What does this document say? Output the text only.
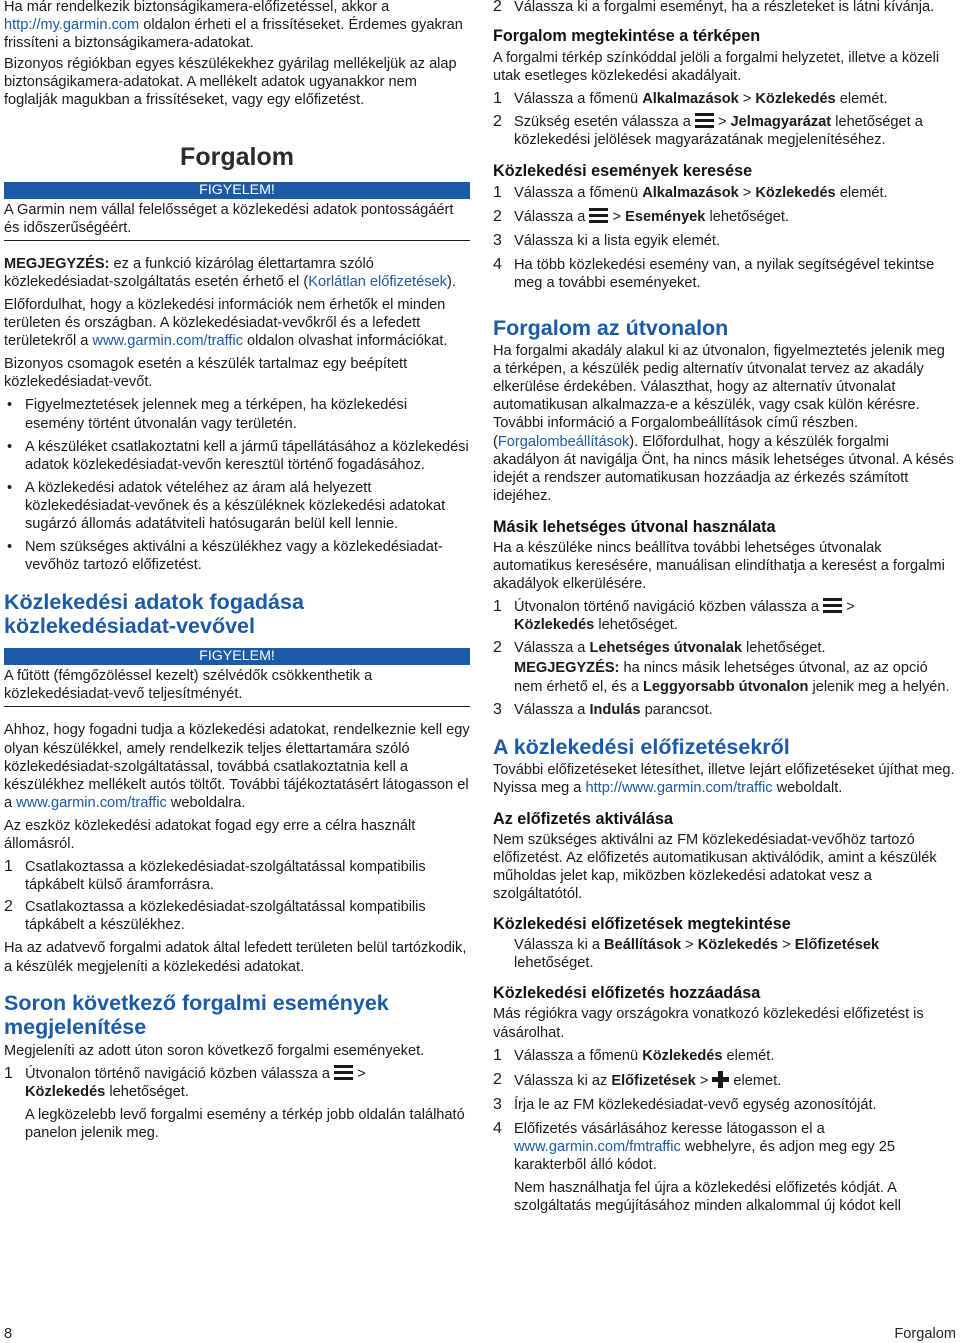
Ha már rendelkezik biztonságikamera-előfizetéssel, akkor a
http://my.garmin.com oldalon érheti el a frissítéseket. Érdemes gyakran frissíteni a biztonságikamera-adatokat.

Bizonyos régiókban egyes készülékekhez gyárilag mellékeljük az alap biztonságikamera-adatokat. A mellékelt adatok ugyanakkor nem foglalják magukban a frissítéseket, vagy egy előfizetést.

Forgalom
FIGYELEM!

A Garmin nem vállal felelősséget a közlekedési adatok pontosságáért és időszerűségéért.

MEGJEGYZÉS: ez a funkció kizárólag élettartamra szóló közlekedésiadat-szolgáltatás esetén érhető el (Korlátlan előfizetések).

Előfordulhat, hogy a közlekedési információk nem érhetők el minden területen és országban. A közlekedésiadat-vevőkről és a lefedett területekről a www.garmin.com/traffic oldalon olvashat információkat.

Bizonyos csomagok esetén a készülék tartalmaz egy beépített közlekedésiadat-vevőt.

• Figyelmeztetések jelennek meg a térképen, ha közlekedési esemény történt útvonalán vagy területén.
• A készüléket csatlakoztatni kell a jármű tápellátásához a közlekedési adatok közlekedésiadat-vevőn keresztül történő fogadásához.
• A közlekedési adatok vételéhez az áram alá helyezett közlekedésiadat-vevőnek és a készüléknek közlekedési adatokat sugárzó állomás adatátviteli hatósugarán belül kell lennie.
• Nem szükséges aktiválni a készülékhez vagy a közlekedésiadat-vevőhöz tartozó előfizetést.
Közlekedési adatok fogadása közlekedésiadat-vevővel
FIGYELEM!

A fűtött (fémgőzöléssel kezelt) szélvédők csökkenthetik a közlekedésiadat-vevő teljesítményét.

Ahhoz, hogy fogadni tudja a közlekedési adatokat, rendelkeznie kell egy olyan készülékkel, amely rendelkezik teljes élettartamára szóló közlekedésiadat-szolgáltatással, továbbá csatlakoztatnia kell a készülékhez mellékelt autós töltőt. További tájékoztatásért látogasson el a www.garmin.com/traffic weboldalra.

Az eszköz közlekedési adatokat fogad egy erre a célra használt állomásról.

1 Csatlakoztassa a közlekedésiadat-szolgáltatással kompatibilis tápkábelt külső áramforrásra.
2 Csatlakoztassa a közlekedésiadat-szolgáltatással kompatibilis tápkábelt a készülékhez.

Ha az adatvevő forgalmi adatok által lefedett területen belül tartózkodik, a készülék megjeleníti a közlekedési adatokat.

Soron következő forgalmi események megjelenítése

Megjeleníti az adott úton soron következő forgalmi eseményeket.

1 Útvonalon történő navigáció közben válassza a  >
Közlekedés lehetőséget.
A legközelebb levő forgalmi esemény a térkép jobb oldalán található panelon jelenik meg.
2 Válassza ki a forgalmi eseményt, ha a részleteket is látni kívánja.
Forgalom megtekintése a térképen

A forgalmi térkép színkóddal jelöli a forgalmi helyzetet, illetve a közeli utak esetleges közlekedési akadályait.

1 Válassza a főmenü Alkalmazások > Közlekedés elemét.
2 Szükség esetén válassza a  > Jelmagyarázat lehetőséget a közlekedési jelölések magyarázatának megjelenítéséhez.
Közlekedési események keresése
1 Válassza a főmenü Alkalmazások > Közlekedés elemét.
2 Válassza a  > Események lehetőséget.
3 Válassza ki a lista egyik elemét.
4 Ha több közlekedési esemény van, a nyilak segítségével tekintse meg a további eseményeket.
Forgalom az útvonalon

Ha forgalmi akadály alakul ki az útvonalon, figyelmeztetés jelenik meg a térképen, a készülék pedig alternatív útvonalat tervez az akadály elkerülése érdekében. Választhat, hogy az alternatív útvonalat automatikusan alkalmazza-e a készülék, vagy csak külön kérésre. További információ a Forgalombeállítások című részben. (Forgalombeállítások). Előfordulhat, hogy a készülék forgalmi akadályon át navigálja Önt, ha nincs másik lehetséges útvonal. A késés idejét a rendszer automatikusan hozzáadja az érkezés számított idejéhez.

Másik lehetséges útvonal használata

Ha a készüléke nincs beállítva további lehetséges útvonalak automatikus keresésére, manuálisan elindíthatja a keresést a forgalmi akadályok elkerülésére.

1 Útvonalon történő navigáció közben válassza a  >
Közlekedés lehetőséget.
2 Válassza a Lehetséges útvonalak lehetőséget.
MEGJEGYZÉS: ha nincs másik lehetséges útvonal, az az opció nem érhető el, és a Leggyorsabb útvonalon jelenik meg a helyén.
3 Válassza a Indulás parancsot.
A közlekedési előfizetésekről

További előfizetéseket létesíthet, illetve lejárt előfizetéseket újíthat meg. Nyissa meg a http://www.garmin.com/traffic weboldalt.

Az előfizetés aktiválása

Nem szükséges aktiválni az FM közlekedésiadat-vevőhöz tartozó előfizetést. Az előfizetés automatikusan aktiválódik, amint a készülék műholdas jelet kap, miközben közlekedési adatokat vesz a szolgáltatótól.

Közlekedési előfizetések megtekintése
Válassza ki a Beállítások > Közlekedés > Előfizetések lehetőséget.
Közlekedési előfizetés hozzáadása

Más régiókra vagy országokra vonatkozó közlekedési előfizetést is vásárolhat.

1 Válassza a főmenü Közlekedés elemét.
2 Válassza ki az Előfizetések >  elemet.
3 Írja le az FM közlekedésiadat-vevő egység azonosítóját.
4 Előfizetés vásárlásához keresse látogasson el a
www.garmin.com/fmtraffic webhelyre, és adjon meg egy 25 karakterből álló kódot.
Nem használhatja fel újra a közlekedési előfizetés kódját. A szolgáltatás megújításához minden alkalommal új kódot kell
8	Forgalom
